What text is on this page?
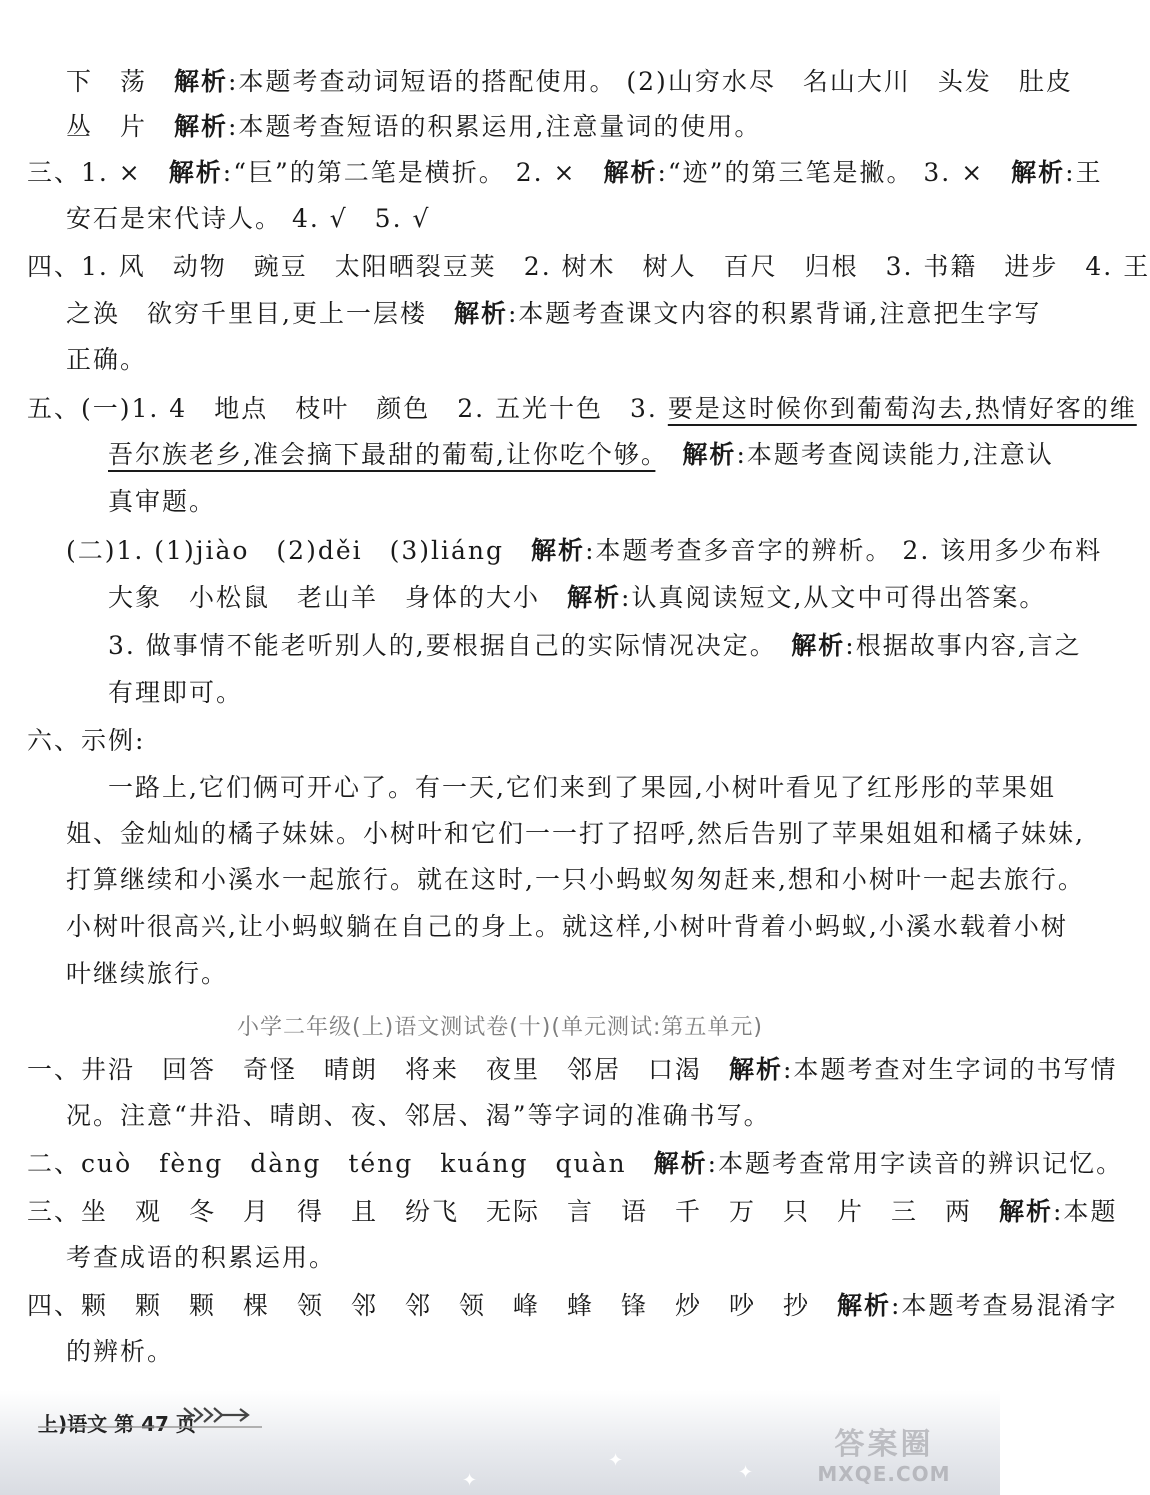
下　荡　解析:本题考查动词短语的搭配使用。 (2)山穷水尽　名山大川　头发　肚皮
丛　片　解析:本题考查短语的积累运用,注意量词的使用。
三、1. ×　解析:“巨”的第二笔是横折。 2. ×　解析:“迹”的第三笔是撇。 3. ×　解析:王
安石是宋代诗人。 4. √　5. √
四、1. 风　动物　豌豆　太阳晒裂豆荚　2. 树木　树人　百尺　归根　3. 书籍　进步　4. 王
之涣　欲穷千里目,更上一层楼　解析:本题考查课文内容的积累背诵,注意把生字写
正确。
五、(一)1. 4　地点　枝叶　颜色　2. 五光十色　3. 要是这时候你到葡萄沟去,热情好客的维
吾尔族老乡,准会摘下最甜的葡萄,让你吃个够。　 解析:本题考查阅读能力,注意认
真审题。
(二)1. (1)jiào　(2)děi　(3)liáng　解析:本题考查多音字的辨析。 2. 该用多少布料
大象　小松鼠　老山羊　身体的大小　解析:认真阅读短文,从文中可得出答案。
3. 做事情不能老听别人的,要根据自己的实际情况决定。　解析:根据故事内容,言之
有理即可。
六、示例:
一路上,它们俩可开心了。有一天,它们来到了果园,小树叶看见了红彤彤的苹果姐
姐、金灿灿的橘子妹妹。小树叶和它们一一打了招呼,然后告别了苹果姐姐和橘子妹妹,
打算继续和小溪水一起旅行。就在这时,一只小蚂蚁匆匆赶来,想和小树叶一起去旅行。
小树叶很高兴,让小蚂蚁躺在自己的身上。就这样,小树叶背着小蚂蚁,小溪水载着小树
叶继续旅行。
小学二年级(上)语文测试卷(十)(单元测试:第五单元)
一、井沿　回答　奇怪　晴朗　将来　夜里　邻居　口渴　解析:本题考查对生字词的书写情
况。注意“井沿、晴朗、夜、邻居、渴”等字词的准确书写。
二、cuò　fèng　dàng　téng　kuáng　quàn　解析:本题考查常用字读音的辨识记忆。
三、坐　观　冬　月　得　且　纷飞　无际　言　语　千　万　只　片　三　两　解析:本题
考查成语的积累运用。
四、颗　颗　颗　棵　领　邻　邻　领　峰　蜂　锋　炒　吵　抄　解析:本题考查易混淆字
的辨析。
上)语文 第 47 页
✦
✦
✦
答案圈
MXQE.COM
